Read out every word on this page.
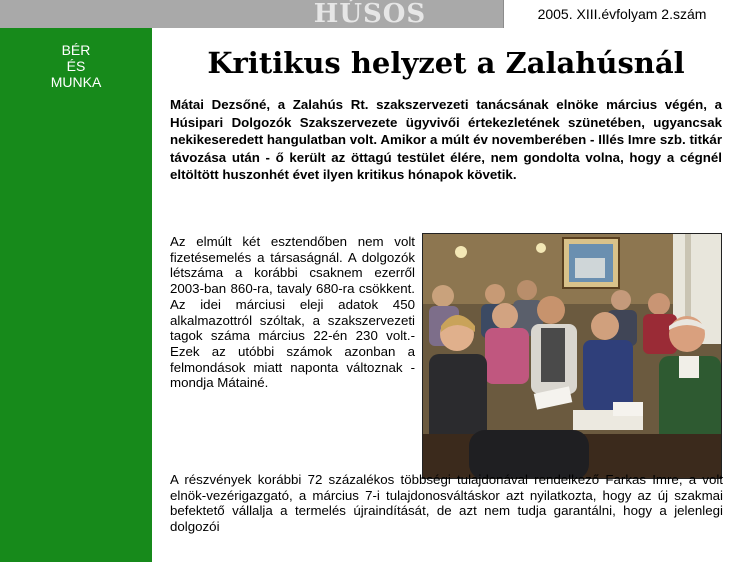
HÚSOS	2005. XIII.évfolyam 2.szám
BÉR
ÉS
MUNKA
Kritikus helyzet a Zalahúsnál
Mátai Dezsőné, a Zalahús Rt. szakszervezeti tanácsának elnöke március végén, a Húsipari Dolgozók Szakszervezete ügyvivői értekezletének szünetében, ugyancsak nekikeseredett hangulatban volt. Amikor a múlt év novemberében - Illés Imre szb. titkár távozása után - ő került az öttagú testület élére, nem gondolta volna, hogy a cégnél eltöltött huszonhét évet ilyen kritikus hónapok követik.
Az elmúlt két esztendőben nem volt fizetésemelés a társaságnál. A dolgozók létszáma a korábbi csaknem ezerről 2003-ban 860-ra, tavaly 680-ra csökkent. Az idei márciusi eleji adatok 450 alkalmazottról szóltak, a szakszervezeti tagok száma március 22-én 230 volt.- Ezek az utóbbi számok azonban a felmondások miatt naponta változnak - mondja Mátainé.
A részvények korábbi 72 százalékos többségi tulajdonával rendelkező Farkas Imre, a volt elnök-vezérigazgató, a március 7-i tulajdonosváltáskor azt nyilatkozta, hogy az új szakmai befektető vállalja a termelés újraindítását, de azt nem tudja garantálni, hogy a jelenlegi dolgozói
